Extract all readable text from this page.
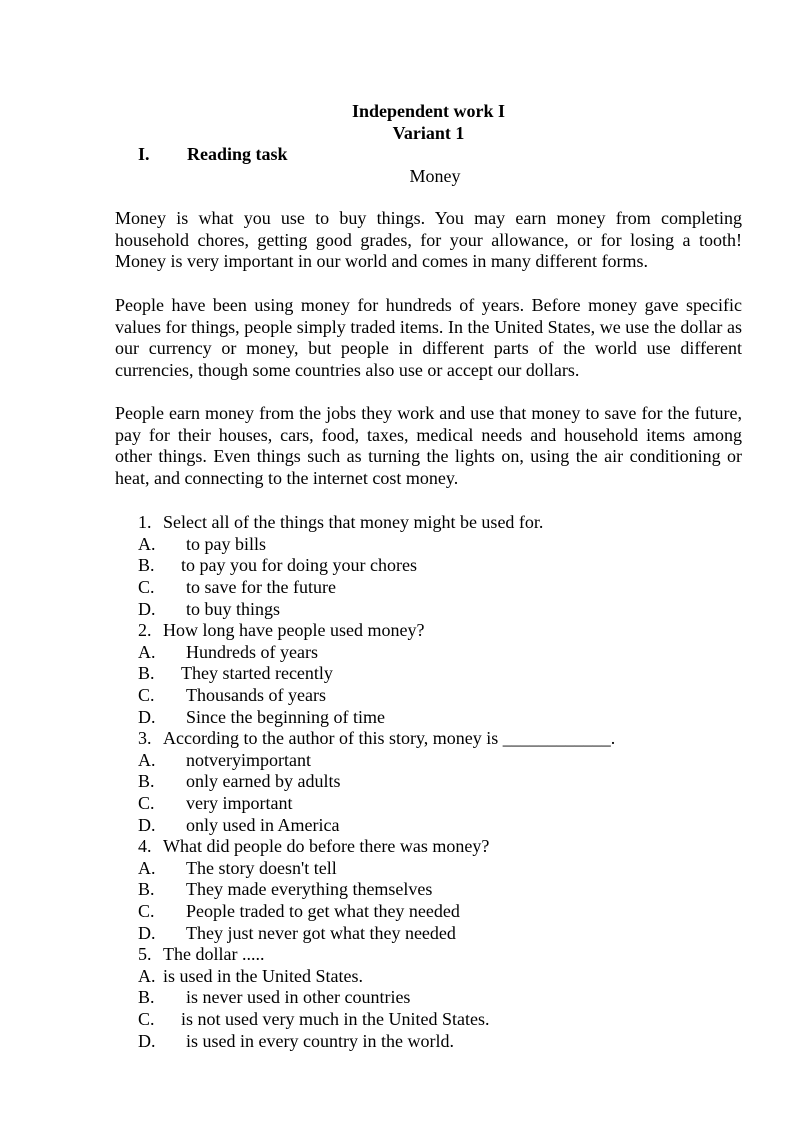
Independent work I
Variant 1
I. Reading task
Money

Money is what you use to buy things. You may earn money from completing household chores, getting good grades, for your allowance, or for losing a tooth! Money is very important in our world and comes in many different forms.

People have been using money for hundreds of years. Before money gave specific values for things, people simply traded items. In the United States, we use the dollar as our currency or money, but people in different parts of the world use different currencies, though some countries also use or accept our dollars.

People earn money from the jobs they work and use that money to save for the future, pay for their houses, cars, food, taxes, medical needs and household items among other things. Even things such as turning the lights on, using the air conditioning or heat, and connecting to the internet cost money.

1. Select all of the things that money might be used for.
A. to pay bills
B. to pay you for doing your chores
C. to save for the future
D. to buy things
2. How long have people used money?
A. Hundreds of years
B. They started recently
C. Thousands of years
D. Since the beginning of time
3. According to the author of this story, money is ____________.
A. notveryimportant
B. only earned by adults
C. very important
D. only used in America
4. What did people do before there was money?
A. The story doesn't tell
B. They made everything themselves
C. People traded to get what they needed
D. They just never got what they needed
5. The dollar .....
A. is used in the United States.
B. is never used in other countries
C. is not used very much in the United States.
D. is used in every country in the world.
